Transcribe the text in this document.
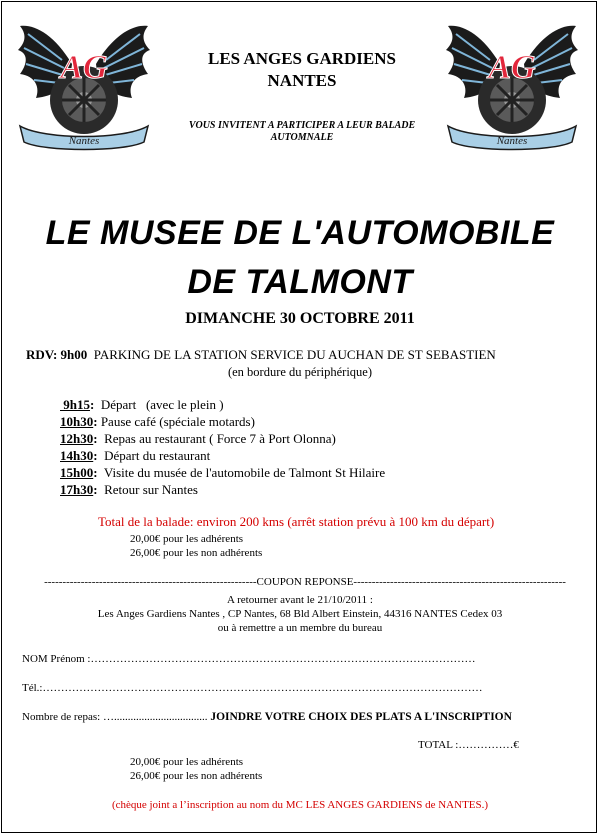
Nantes
AG
Nantes
AG
LES ANGES GARDIENS
NANTES
VOUS INVITENT A PARTICIPER A LEUR BALADE
AUTOMNALE
LE MUSEE DE L'AUTOMOBILE
DE TALMONT
DIMANCHE 30 OCTOBRE 2011
RDV: 9h00 PARKING DE LA STATION SERVICE DU AUCHAN DE ST SEBASTIEN
(en bordure du périphérique)
9h15:  Départ   (avec le plein )
10h30: Pause café (spéciale motards)
12h30:  Repas au restaurant ( Force 7 à Port Olonna)
14h30:  Départ du restaurant
15h00:  Visite du musée de l'automobile de Talmont St Hilaire
17h30:  Retour sur Nantes
Total de la balade: environ 200 kms (arrêt station prévu à 100 km du départ)
20,00€ pour les adhérents
26,00€ pour les non adhérents
----------------------------------------------------------COUPON REPONSE----------------------------------------------------------
A retourner avant le 21/10/2011 :
Les Anges Gardiens Nantes , CP Nantes, 68 Bld Albert Einstein, 44316 NANTES Cedex 03
ou à remettre a un membre du bureau
NOM Prénom :……………………………………………………………………………………………
Tél.:…………………………………………………………………………………………………………
Nombre de repas: ….................................. JOINDRE VOTRE CHOIX DES PLATS A L'INSCRIPTION
TOTAL :……………€
20,00€ pour les adhérents
26,00€ pour les non adhérents
(chèque joint a l’inscription au nom du MC LES ANGES GARDIENS de NANTES.)
